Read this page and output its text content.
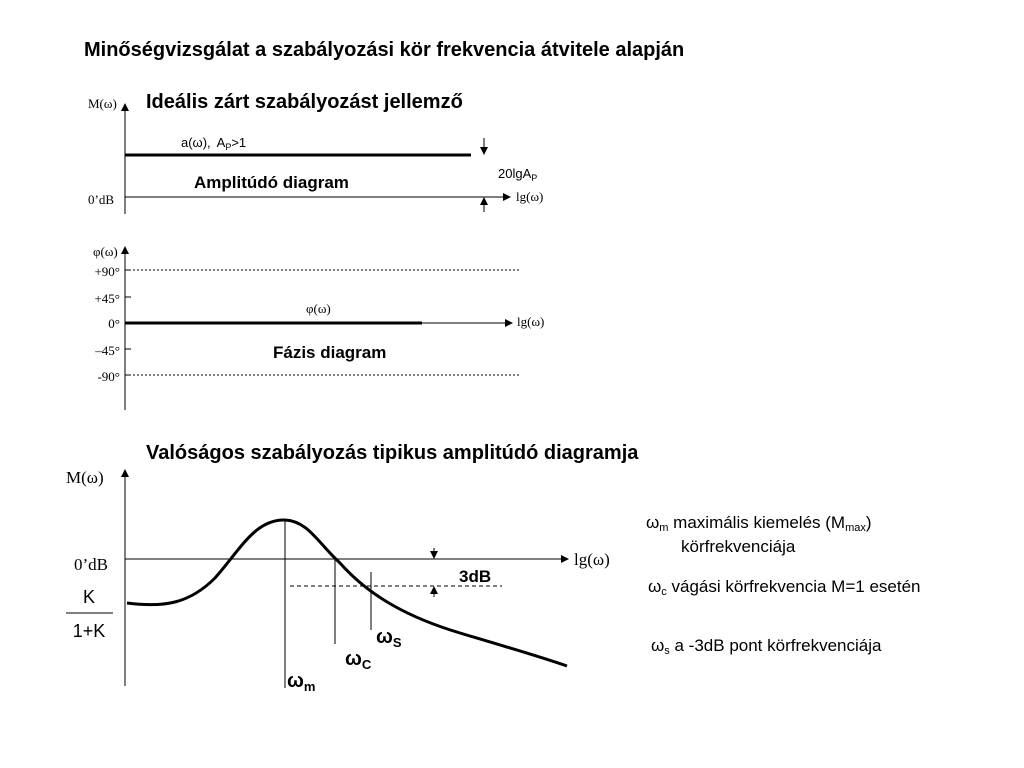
Minőségvizsgálat a szabályozási kör frekvencia átvitele alapján
Ideális zárt szabályozást jellemző
M(ω)
lg(ω)
0’dB
a(ω), $A_P>1$
20lgA$_P$
Amplitúdó diagram
φ(ω)
lg(ω)
+90°
+45°
0°
–45°
-90°
φ(ω)
Fázis diagram
Valóságos szabályozás tipikus amplitúdó diagramja
M(ω)
lg(ω)
0’dB
K
1+K
3dB
$\omega_m$
$\omega_C$
$\omega_S$
ωm maximális kiemelés (Mmax)
körfrekvenciája
ωc vágási körfrekvencia M=1 esetén
ωs a -3dB pont körfrekvenciája
